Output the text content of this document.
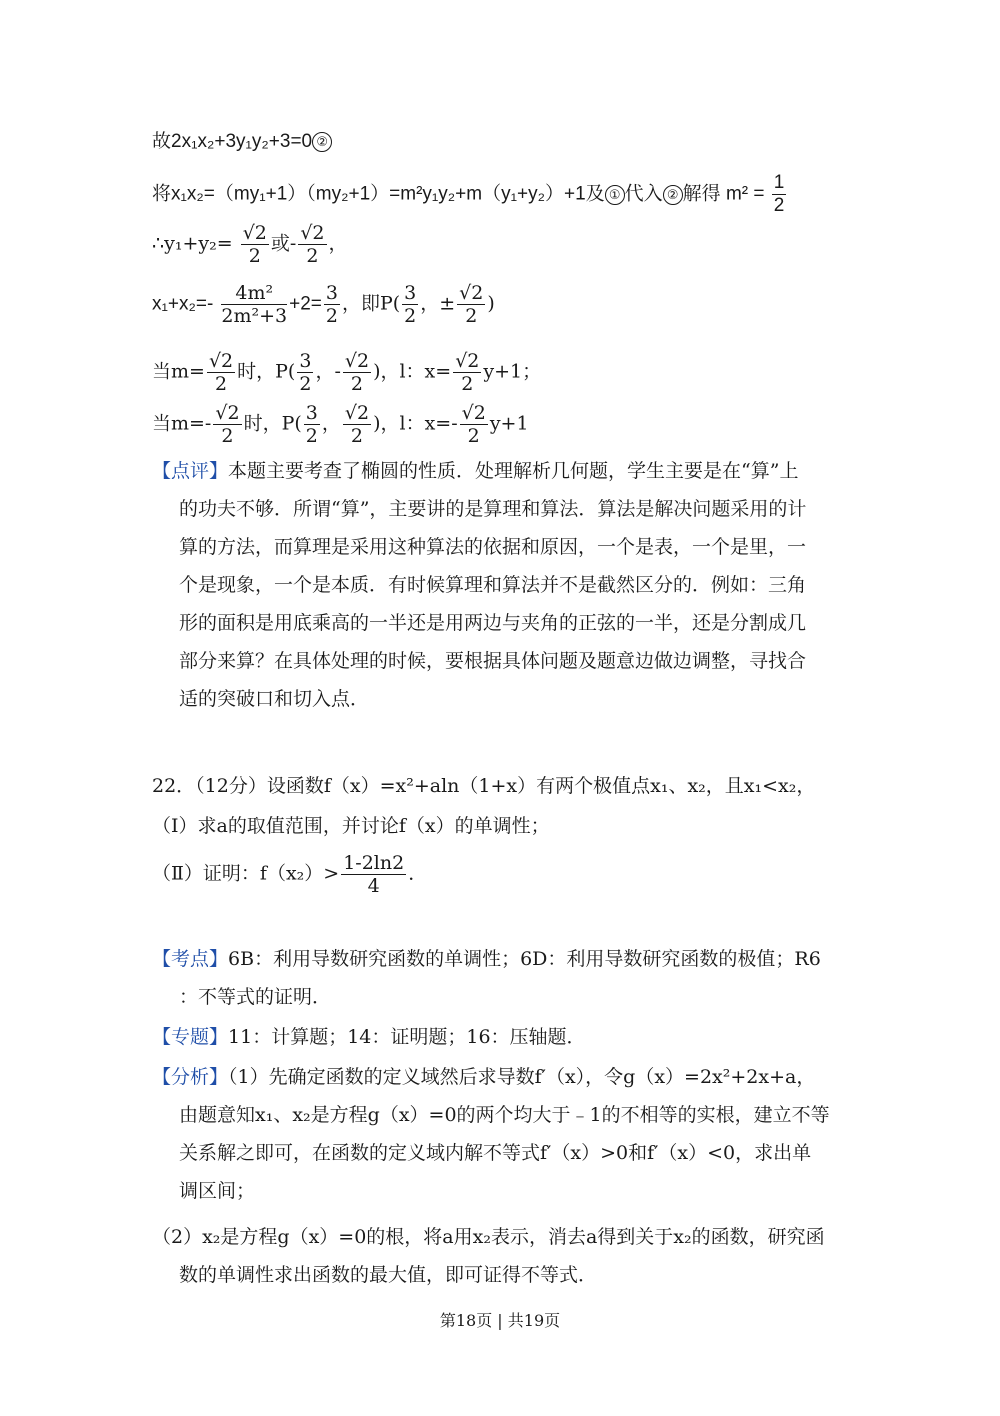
故2x₁x₂+3y₁y₂+3=0 ②
将x₁x₂=（my₁+1）（my₂+1）=m²y₁y₂+m（y₁+y₂）+1及 ① 代入 ② 解得 $m^2 = \frac{1}{2}$
∴y₁+y₂= $\frac{√2}{2}$ 或- $\frac{√2}{2}$ ，
$x_1+x_2=- \frac{\text{4m²}}{\text{2m²+3}} +2= \frac{3}{2}$ ，即$P( \frac{3}{2}$ ，± $\frac{√2}{2}$ )
当$m= \frac{√2}{2}$ 时，$P( \frac{3}{2}$ ，- $\frac{√2}{2}$ )，l：$x= \frac{√2}{2} y+1$；
当$m=- \frac{√2}{2}$ 时，$P( \frac{3}{2}$ ， $\frac{√2}{2}$ )，l：$x=- \frac{√2}{2} y+1$
【点评】本题主要考查了椭圆的性质．处理解析几何题，学生主要是在“算”上
的功夫不够．所谓“算”，主要讲的是算理和算法．算法是解决问题采用的计
算的方法，而算理是采用这种算法的依据和原因，一个是表，一个是里，一
个是现象，一个是本质．有时候算理和算法并不是截然区分的．例如：三角
形的面积是用底乘高的一半还是用两边与夹角的正弦的一半，还是分割成几
部分来算？在具体处理的时候，要根据具体问题及题意边做边调整，寻找合
适的突破口和切入点．
22．（12分）设函数f（x）=x²+aln（1+x）有两个极值点x₁、x₂，且x₁<x₂，
（Ⅰ）求a的取值范围，并讨论f（x）的单调性；
（Ⅱ）证明：$f(x_2)> \frac{1-2\ln 2}{4}$ ．
【考点】6B：利用导数研究函数的单调性；6D：利用导数研究函数的极值；R6
：不等式的证明．
【专题】11：计算题；14：证明题；16：压轴题．
【分析】（1）先确定函数的定义域然后求导数f′（x），令g（x）=2x²+2x+a，
由题意知x₁、x₂是方程g（x）=0的两个均大于﹣1的不相等的实根，建立不等
关系解之即可，在函数的定义域内解不等式f′（x）>0和f′（x）<0，求出单
调区间；
（2）x₂是方程g（x）=0的根，将a用x₂表示，消去a得到关于x₂的函数，研究函
数的单调性求出函数的最大值，即可证得不等式．
第18页 | 共19页
